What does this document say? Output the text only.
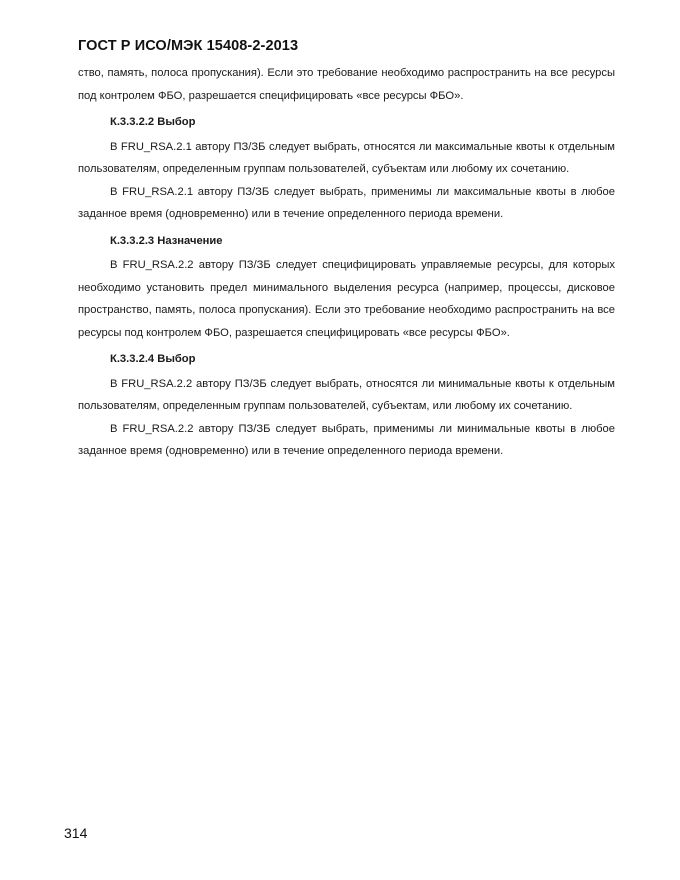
ГОСТ Р ИСО/МЭК 15408-2-2013

ство, память, полоса пропускания). Если это требование необходимо распространить на все ресурсы под контролем ФБО, разрешается специфицировать «все ресурсы ФБО».

К.3.3.2.2 Выбор

В FRU_RSA.2.1 автору ПЗ/ЗБ следует выбрать, относятся ли максимальные квоты к отдельным пользователям, определенным группам пользователей, субъектам или любому их сочетанию.

В FRU_RSA.2.1 автору ПЗ/ЗБ следует выбрать, применимы ли максимальные квоты в любое заданное время (одновременно) или в течение определенного периода времени.

К.3.3.2.3 Назначение

В FRU_RSA.2.2 автору ПЗ/ЗБ следует специфицировать управляемые ресурсы, для которых необходимо установить предел минимального выделения ресурса (например, процессы, дисковое пространство, память, полоса пропускания). Если это требование необходимо распространить на все ресурсы под контролем ФБО, разрешается специфицировать «все ресурсы ФБО».

К.3.3.2.4 Выбор

В FRU_RSA.2.2 автору ПЗ/ЗБ следует выбрать, относятся ли минимальные квоты к отдельным пользователям, определенным группам пользователей, субъектам, или любому их сочетанию.

В FRU_RSA.2.2 автору ПЗ/ЗБ следует выбрать, применимы ли минимальные квоты в любое заданное время (одновременно) или в течение определенного периода времени.

314
